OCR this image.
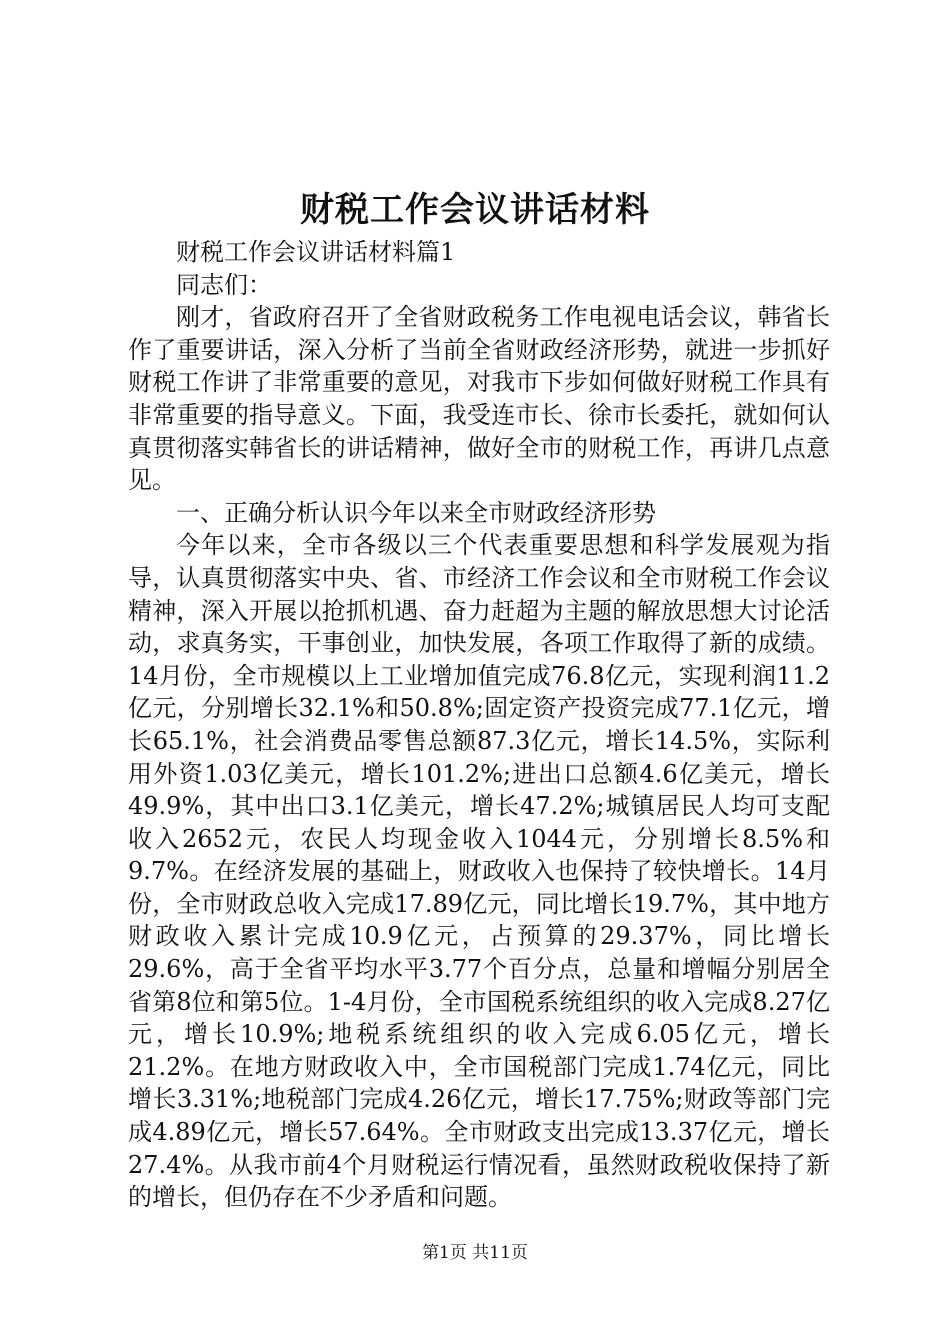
财税工作会议讲话材料

财税工作会议讲话材料篇1

同志们：

刚才，省政府召开了全省财政税务工作电视电话会议，韩省长作了重要讲话，深入分析了当前全省财政经济形势，就进一步抓好财税工作讲了非常重要的意见，对我市下步如何做好财税工作具有非常重要的指导意义。下面，我受连市长、徐市长委托，就如何认真贯彻落实韩省长的讲话精神，做好全市的财税工作，再讲几点意见。

一、正确分析认识今年以来全市财政经济形势

今年以来，全市各级以三个代表重要思想和科学发展观为指导，认真贯彻落实中央、省、市经济工作会议和全市财税工作会议精神，深入开展以抢抓机遇、奋力赶超为主题的解放思想大讨论活动，求真务实，干事创业，加快发展，各项工作取得了新的成绩。14月份，全市规模以上工业增加值完成76.8亿元，实现利润11.2亿元，分别增长32.1%和50.8%;固定资产投资完成77.1亿元，增长65.1%，社会消费品零售总额87.3亿元，增长14.5%，实际利用外资1.03亿美元，增长101.2%;进出口总额4.6亿美元，增长49.9%，其中出口3.1亿美元，增长47.2%;城镇居民人均可支配收入2652元，农民人均现金收入1044元，分别增长8.5%和9.7%。在经济发展的基础上，财政收入也保持了较快增长。14月份，全市财政总收入完成17.89亿元，同比增长19.7%，其中地方财政收入累计完成10.9亿元，占预算的29.37%，同比增长29.6%，高于全省平均水平3.77个百分点，总量和增幅分别居全省第8位和第5位。1-4月份，全市国税系统组织的收入完成8.27亿元，增长10.9%;地税系统组织的收入完成6.05亿元，增长21.2%。在地方财政收入中，全市国税部门完成1.74亿元，同比增长3.31%;地税部门完成4.26亿元，增长17.75%;财政等部门完成4.89亿元，增长57.64%。全市财政支出完成13.37亿元，增长27.4%。从我市前4个月财税运行情况看，虽然财政税收保持了新的增长，但仍存在不少矛盾和问题。

第1页 共11页
